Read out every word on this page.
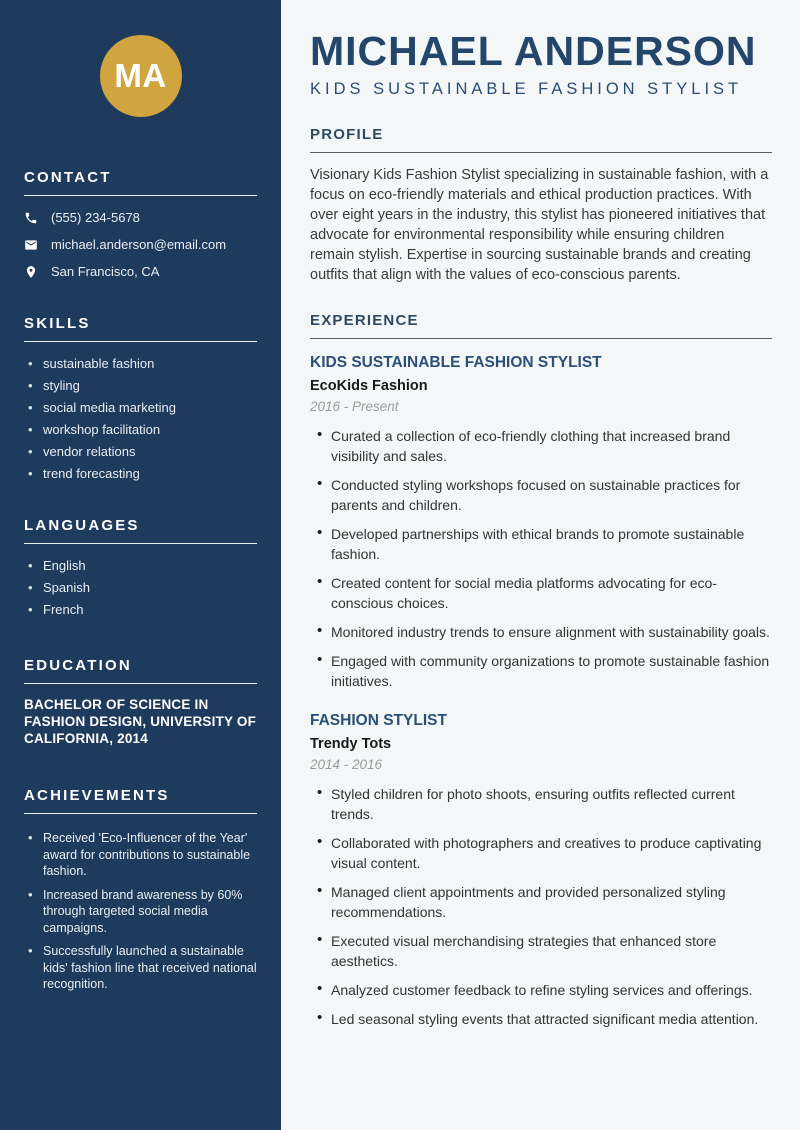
MA
CONTACT
(555) 234-5678
michael.anderson@email.com
San Francisco, CA
SKILLS
• sustainable fashion
• styling
• social media marketing
• workshop facilitation
• vendor relations
• trend forecasting
LANGUAGES
• English
• Spanish
• French
EDUCATION

BACHELOR OF SCIENCE IN FASHION DESIGN, UNIVERSITY OF CALIFORNIA, 2014

ACHIEVEMENTS
• Received 'Eco-Influencer of the Year' award for contributions to sustainable fashion.
• Increased brand awareness by 60% through targeted social media campaigns.
• Successfully launched a sustainable kids' fashion line that received national recognition.
MICHAEL ANDERSON
KIDS SUSTAINABLE FASHION STYLIST
PROFILE

Visionary Kids Fashion Stylist specializing in sustainable fashion, with a focus on eco-friendly materials and ethical production practices. With over eight years in the industry, this stylist has pioneered initiatives that advocate for environmental responsibility while ensuring children remain stylish. Expertise in sourcing sustainable brands and creating outfits that align with the values of eco-conscious parents.

EXPERIENCE
KIDS SUSTAINABLE FASHION STYLIST
EcoKids Fashion
2016 - Present
• Curated a collection of eco-friendly clothing that increased brand visibility and sales.
• Conducted styling workshops focused on sustainable practices for parents and children.
• Developed partnerships with ethical brands to promote sustainable fashion.
• Created content for social media platforms advocating for eco-conscious choices.
• Monitored industry trends to ensure alignment with sustainability goals.
• Engaged with community organizations to promote sustainable fashion initiatives.
FASHION STYLIST
Trendy Tots
2014 - 2016
• Styled children for photo shoots, ensuring outfits reflected current trends.
• Collaborated with photographers and creatives to produce captivating visual content.
• Managed client appointments and provided personalized styling recommendations.
• Executed visual merchandising strategies that enhanced store aesthetics.
• Analyzed customer feedback to refine styling services and offerings.
• Led seasonal styling events that attracted significant media attention.
